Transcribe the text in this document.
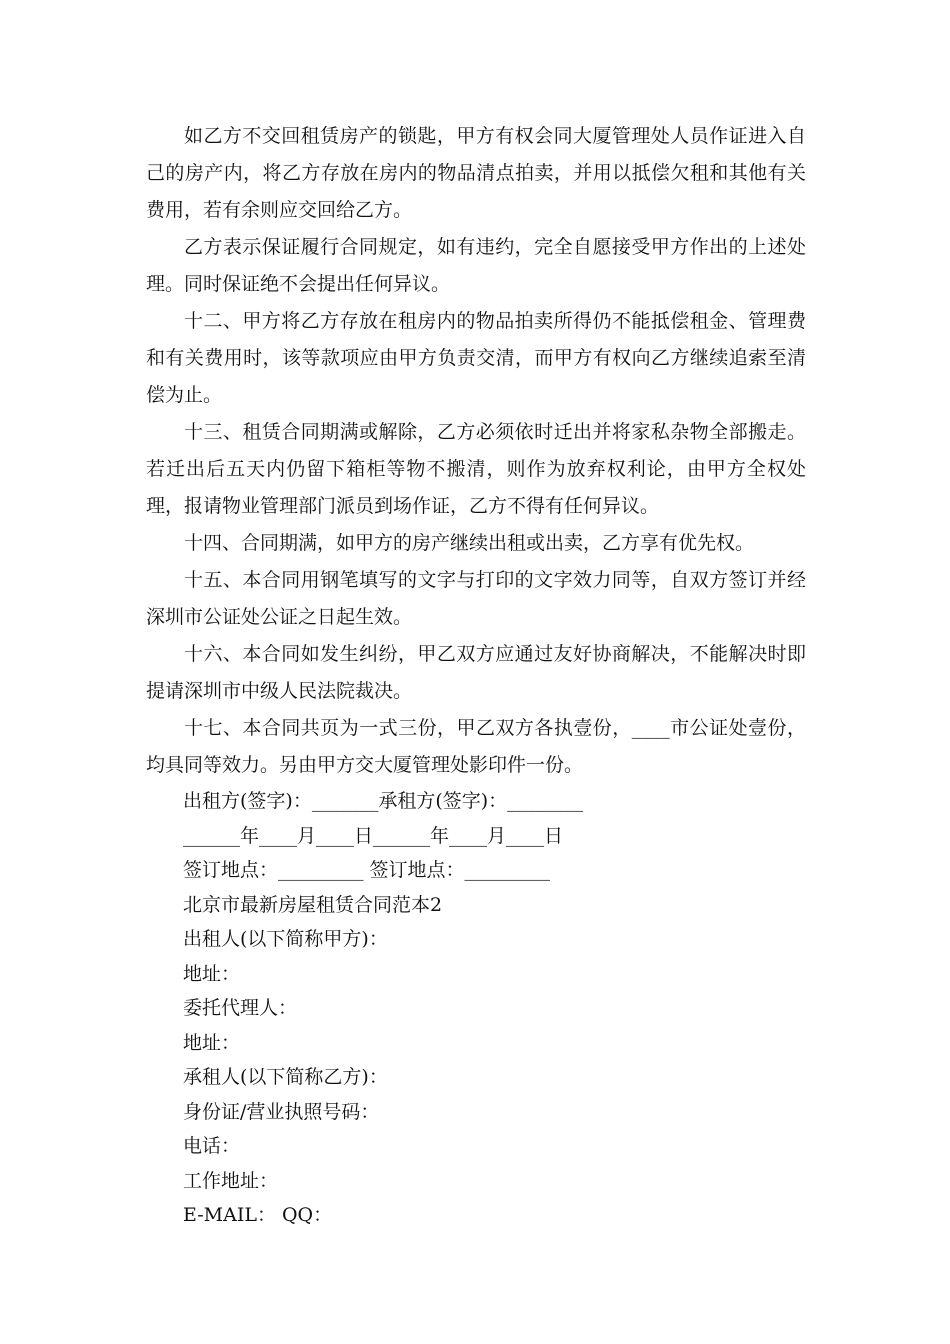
如乙方不交回租赁房产的锁匙，甲方有权会同大厦管理处人员作证进入自己的房产内，将乙方存放在房内的物品清点拍卖，并用以抵偿欠租和其他有关费用，若有余则应交回给乙方。

乙方表示保证履行合同规定，如有违约，完全自愿接受甲方作出的上述处理。同时保证绝不会提出任何异议。

十二、甲方将乙方存放在租房内的物品拍卖所得仍不能抵偿租金、管理费和有关费用时，该等款项应由甲方负责交清，而甲方有权向乙方继续追索至清偿为止。

十三、租赁合同期满或解除，乙方必须依时迁出并将家私杂物全部搬走。若迁出后五天内仍留下箱柜等物不搬清，则作为放弃权利论，由甲方全权处理，报请物业管理部门派员到场作证，乙方不得有任何异议。

十四、合同期满，如甲方的房产继续出租或出卖，乙方享有优先权。

十五、本合同用钢笔填写的文字与打印的文字效力同等，自双方签订并经深圳市公证处公证之日起生效。

十六、本合同如发生纠纷，甲乙双方应通过友好协商解决，不能解决时即提请深圳市中级人民法院裁决。

十七、本合同共页为一式三份，甲乙双方各执壹份，____市公证处壹份，均具同等效力。另由甲方交大厦管理处影印件一份。

出租方(签字)：_______承租方(签字)：________

______年____月____日______年____月____日

签订地点：_________ 签订地点：_________

北京市最新房屋租赁合同范本2

出租人(以下简称甲方)：

地址：

委托代理人：

地址：

承租人(以下简称乙方)：

身份证/营业执照号码：

电话：

工作地址：

E-MAIL： QQ：
